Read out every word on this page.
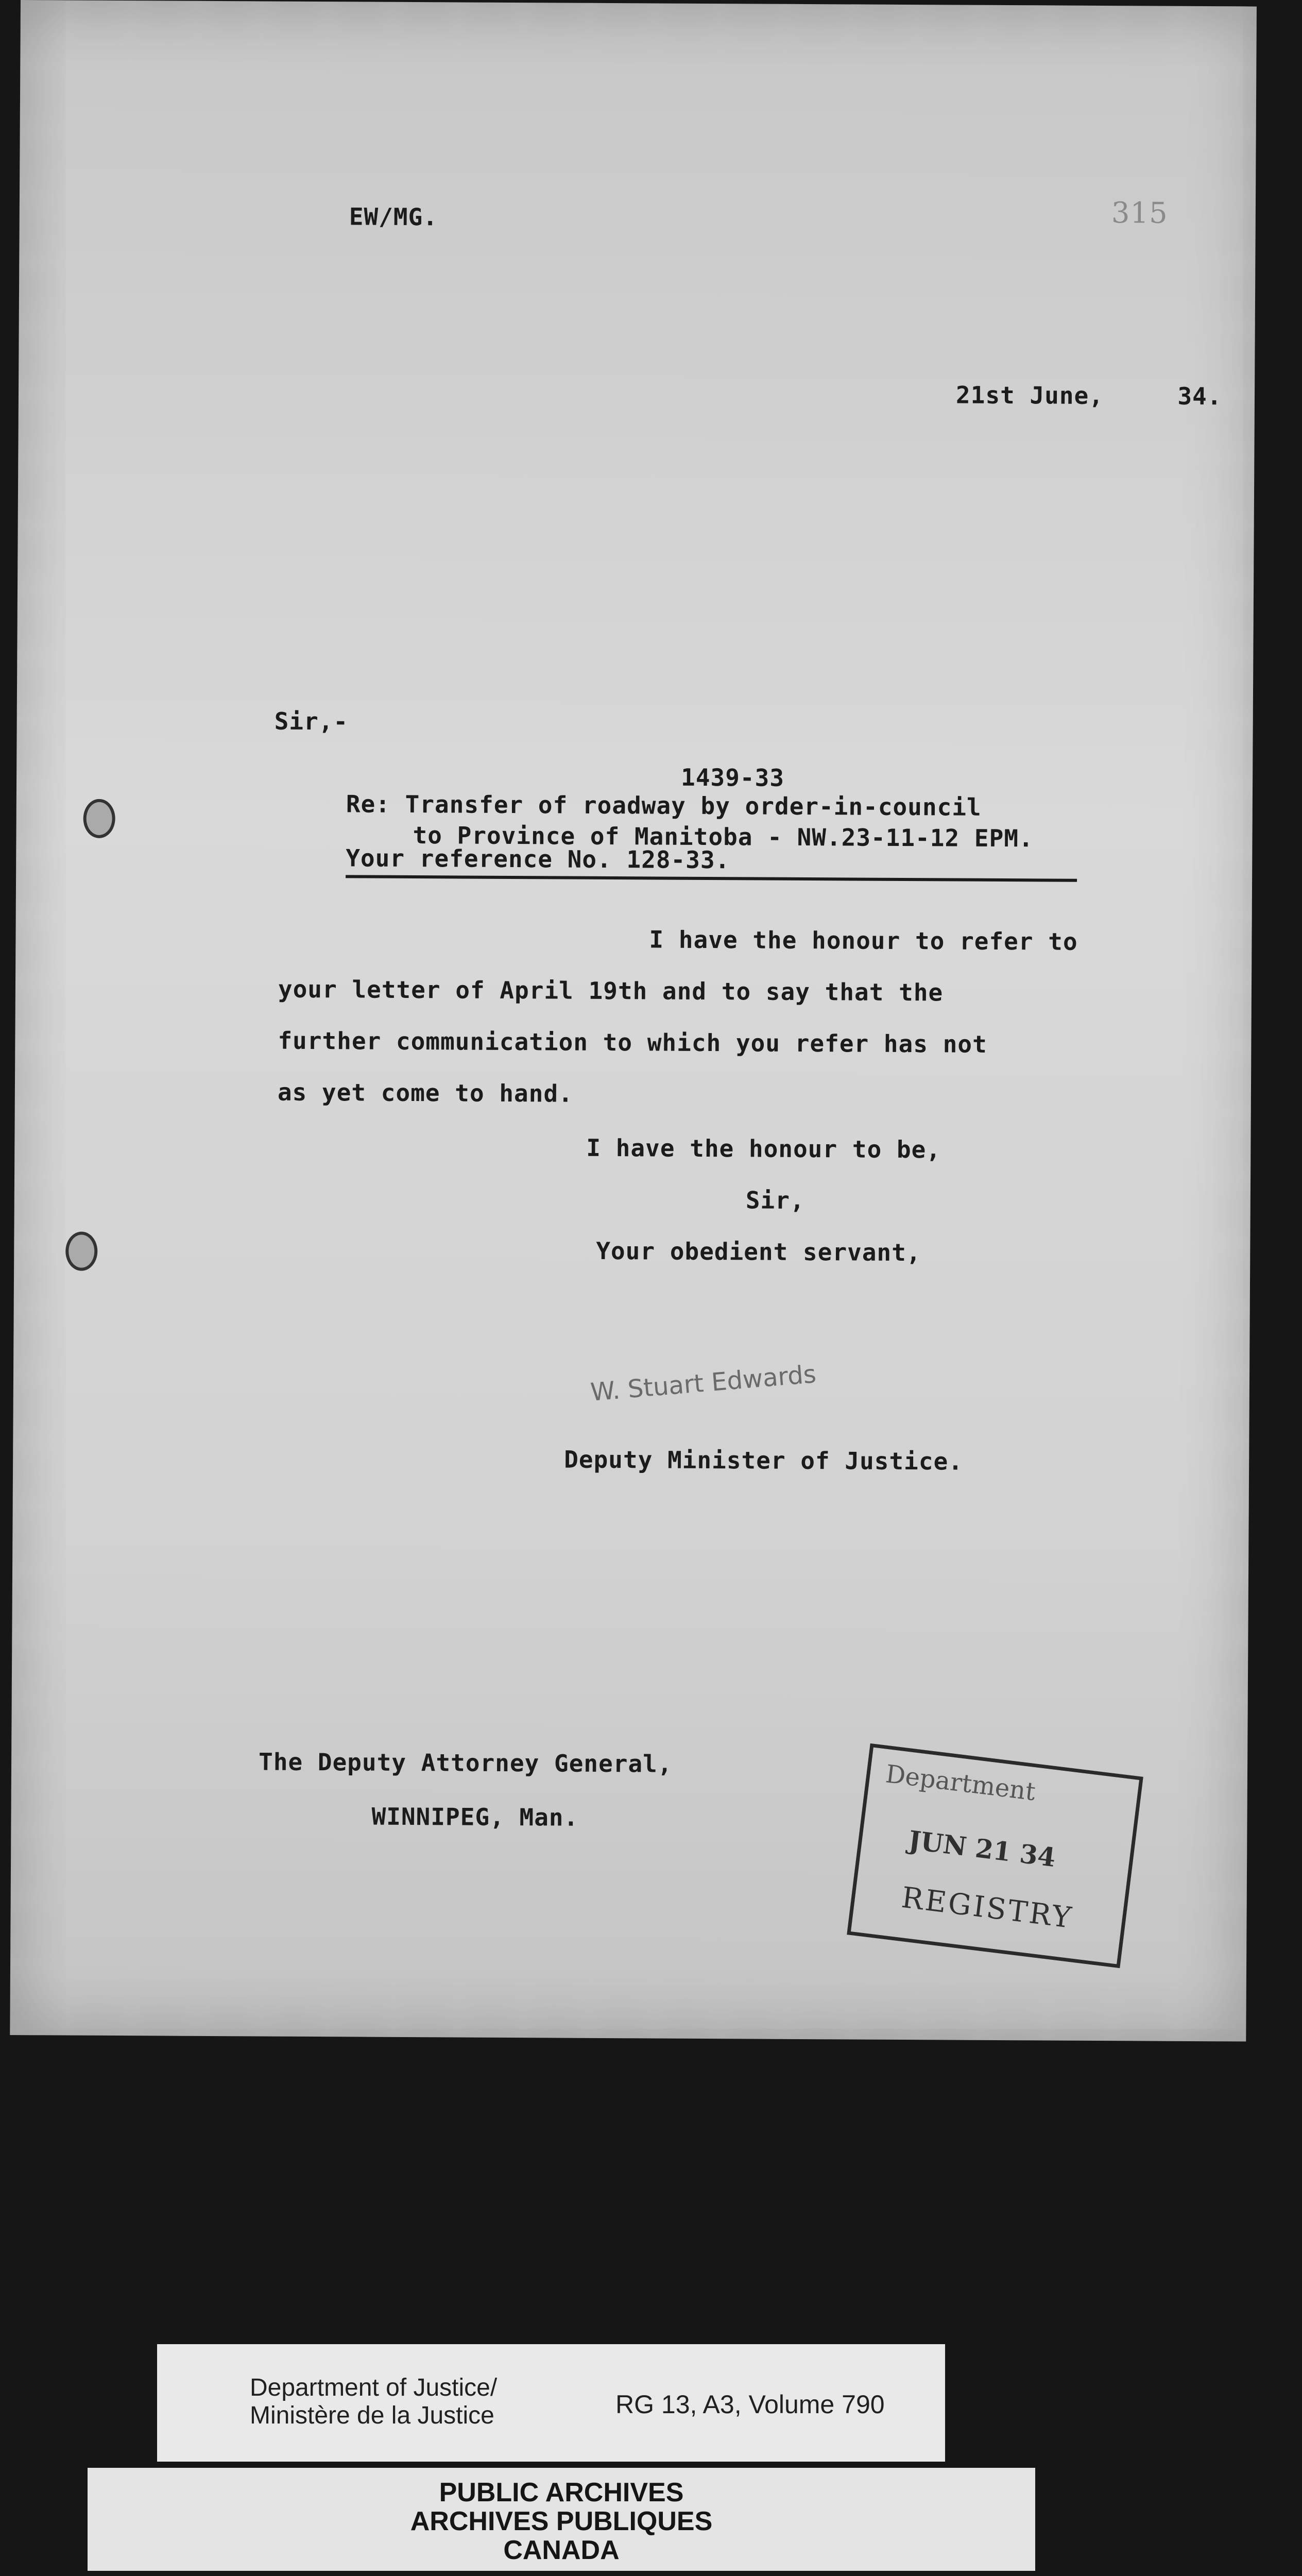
EW/MG.	315
21st June,     34.
Sir,-
1439-33
Re: Transfer of roadway by order-in-council
to Province of Manitoba - NW.23-11-12 EPM.
Your reference No. 128-33.
I have the honour to refer to
your letter of April 19th and to say that the
further communication to which you refer has not
as yet come to hand.
I have the honour to be,
Sir,
Your obedient servant,
W. Stuart Edwards
Deputy Minister of Justice.
The Deputy Attorney General,
WINNIPEG, Man.
Department
JUN 21 34
REGISTRY
Department of Justice/
Ministère de la Justice	RG 13, A3, Volume 790
PUBLIC ARCHIVES
ARCHIVES PUBLIQUES
CANADA
